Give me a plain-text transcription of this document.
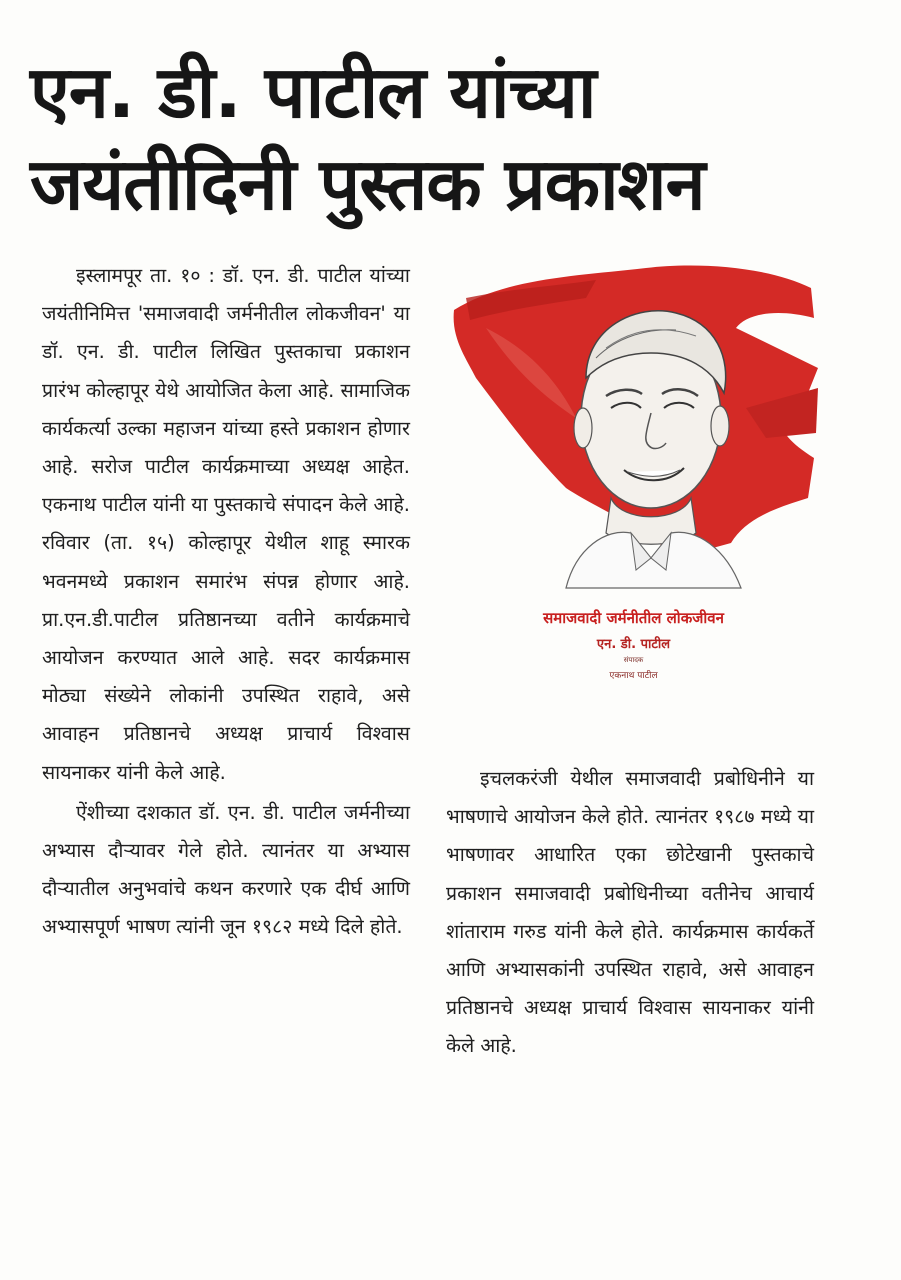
एन. डी. पाटील यांच्या
जयंतीदिनी पुस्तक प्रकाशन

इस्लामपूर ता. १० : डॉ. एन. डी. पाटील यांच्या जयंतीनिमित्त 'समाजवादी जर्मनीतील लोकजीवन' या डॉ. एन. डी. पाटील लिखित पुस्तकाचा प्रकाशन प्रारंभ कोल्हापूर येथे आयोजित केला आहे. सामाजिक कार्यकर्त्या उल्का महाजन यांच्या हस्ते प्रकाशन होणार आहे. सरोज पाटील कार्यक्रमाच्या अध्यक्ष आहेत. एकनाथ पाटील यांनी या पुस्तकाचे संपादन केले आहे. रविवार (ता. १५) कोल्हापूर येथील शाहू स्मारक भवनमध्ये प्रकाशन समारंभ संपन्न होणार आहे. प्रा.एन.डी.पाटील प्रतिष्ठानच्या वतीने कार्यक्रमाचे आयोजन करण्यात आले आहे. सदर कार्यक्रमास मोठ्या संख्येने लोकांनी उपस्थित राहावे, असे आवाहन प्रतिष्ठानचे अध्यक्ष प्राचार्य विश्वास सायनाकर यांनी केले आहे.

ऐंशीच्या दशकात डॉ. एन. डी. पाटील जर्मनीच्या अभ्यास दौऱ्यावर गेले होते. त्यानंतर या अभ्यास दौऱ्यातील अनुभवांचे कथन करणारे एक दीर्घ आणि अभ्यासपूर्ण भाषण त्यांनी जून १९८२ मध्ये दिले होते.

समाजवादी जर्मनीतील लोकजीवन
एन. डी. पाटील
संपादक
एकनाथ पाटील

इचलकरंजी येथील समाजवादी प्रबोधिनीने या भाषणाचे आयोजन केले होते. त्यानंतर १९८७ मध्ये या भाषणावर आधारित एका छोटेखानी पुस्तकाचे प्रकाशन समाजवादी प्रबोधिनीच्या वतीनेच आचार्य शांताराम गरुड यांनी केले होते. कार्यक्रमास कार्यकर्ते आणि अभ्यासकांनी उपस्थित राहावे, असे आवाहन प्रतिष्ठानचे अध्यक्ष प्राचार्य विश्वास सायनाकर यांनी केले आहे.
